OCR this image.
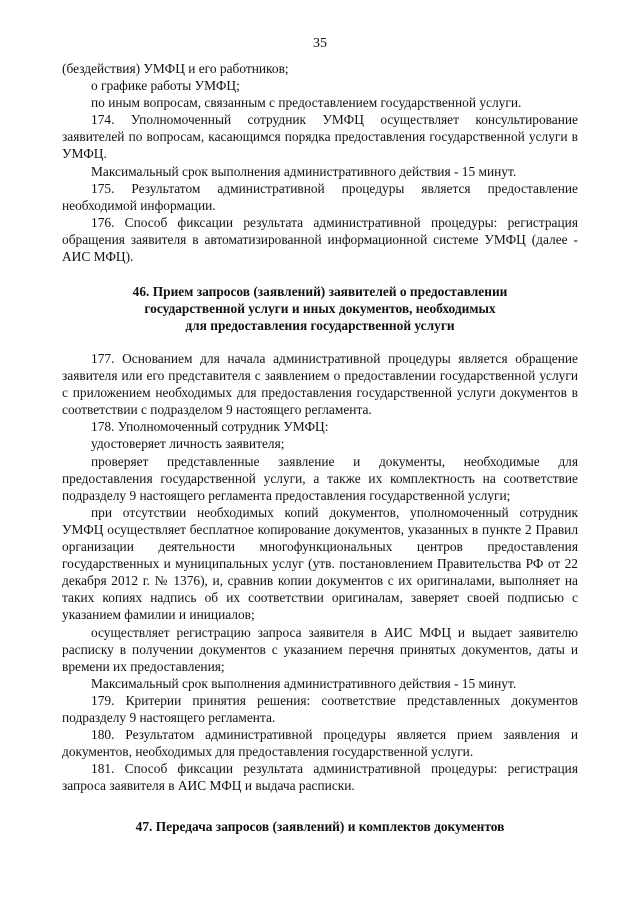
35

(бездействия) УМФЦ и его работников;

о графике работы УМФЦ;

по иным вопросам, связанным с предоставлением государственной услуги.

174. Уполномоченный сотрудник УМФЦ осуществляет консультирование заявителей по вопросам, касающимся порядка предоставления государственной услуги в УМФЦ.

Максимальный срок выполнения административного действия - 15 минут.

175. Результатом административной процедуры является предоставление необходимой информации.

176. Способ фиксации результата административной процедуры: регистрация обращения заявителя в автоматизированной информационной системе УМФЦ (далее - АИС МФЦ).

46. Прием запросов (заявлений) заявителей о предоставлении
государственной услуги и иных документов, необходимых
для предоставления государственной услуги

177. Основанием для начала административной процедуры является обращение заявителя или его представителя с заявлением о предоставлении государственной услуги с приложением необходимых для предоставления государственной услуги документов в соответствии с подразделом 9 настоящего регламента.

178. Уполномоченный сотрудник УМФЦ:

удостоверяет личность заявителя;

проверяет представленные заявление и документы, необходимые для предоставления государственной услуги, а также их комплектность на соответствие подразделу 9 настоящего регламента предоставления государственной услуги;

при отсутствии необходимых копий документов, уполномоченный сотрудник УМФЦ осуществляет бесплатное копирование документов, указанных в пункте 2 Правил организации деятельности многофункциональных центров предоставления государственных и муниципальных услуг (утв. постановлением Правительства РФ от 22 декабря 2012 г. № 1376), и, сравнив копии документов с их оригиналами, выполняет на таких копиях надпись об их соответствии оригиналам, заверяет своей подписью с указанием фамилии и инициалов;

осуществляет регистрацию запроса заявителя в АИС МФЦ и выдает заявителю расписку в получении документов с указанием перечня принятых документов, даты и времени их предоставления;

Максимальный срок выполнения административного действия - 15 минут.

179. Критерии принятия решения: соответствие представленных документов подразделу 9 настоящего регламента.

180. Результатом административной процедуры является прием заявления и документов, необходимых для предоставления государственной услуги.

181. Способ фиксации результата административной процедуры: регистрация запроса заявителя в АИС МФЦ и выдача расписки.

47. Передача запросов (заявлений) и комплектов документов
